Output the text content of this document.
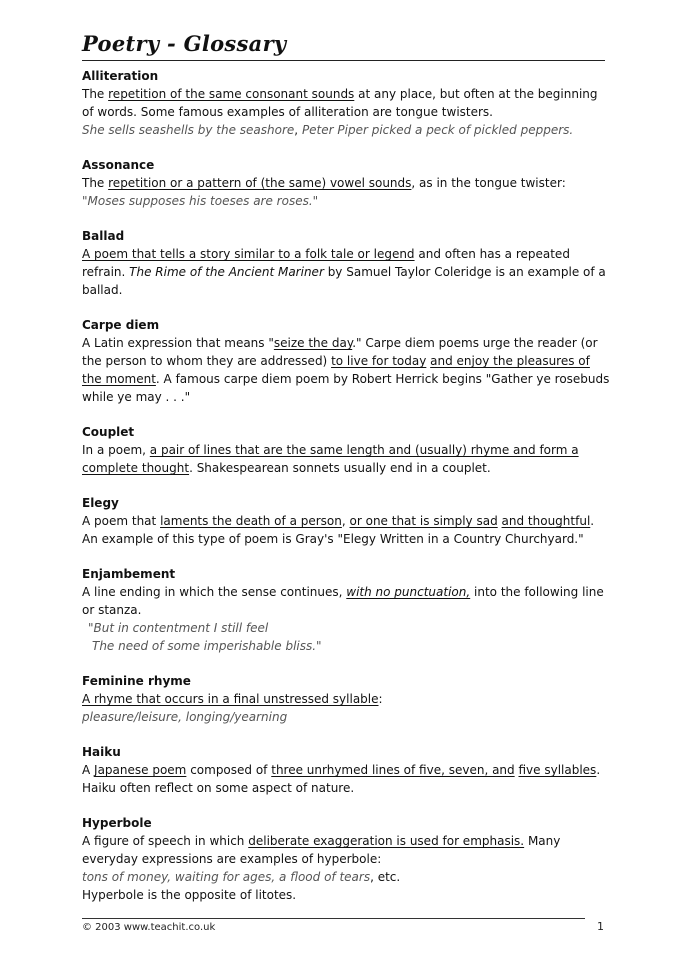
Poetry - Glossary
Alliteration
The repetition of the same consonant sounds at any place, but often at the beginning of words. Some famous examples of alliteration are tongue twisters.
She sells seashells by the seashore, Peter Piper picked a peck of pickled peppers.
Assonance
The repetition or a pattern of (the same) vowel sounds, as in the tongue twister:
"Moses supposes his toeses are roses."
Ballad
A poem that tells a story similar to a folk tale or legend and often has a repeated refrain. The Rime of the Ancient Mariner by Samuel Taylor Coleridge is an example of a ballad.
Carpe diem
A Latin expression that means "seize the day." Carpe diem poems urge the reader (or the person to whom they are addressed) to live for today and enjoy the pleasures of the moment. A famous carpe diem poem by Robert Herrick begins "Gather ye rosebuds while ye may . . ."
Couplet
In a poem, a pair of lines that are the same length and (usually) rhyme and form a complete thought. Shakespearean sonnets usually end in a couplet.
Elegy
A poem that laments the death of a person, or one that is simply sad and thoughtful. An example of this type of poem is Gray's "Elegy Written in a Country Churchyard."
Enjambement
A line ending in which the sense continues, with no punctuation, into the following line or stanza.
"But in contentment I still feel
The need of some imperishable bliss."
Feminine rhyme
A rhyme that occurs in a final unstressed syllable:
pleasure/leisure, longing/yearning
Haiku
A Japanese poem composed of three unrhymed lines of five, seven, and five syllables. Haiku often reflect on some aspect of nature.
Hyperbole
A figure of speech in which deliberate exaggeration is used for emphasis. Many everyday expressions are examples of hyperbole:
tons of money, waiting for ages, a flood of tears, etc.
Hyperbole is the opposite of litotes.
© 2003 www.teachit.co.uk	1
